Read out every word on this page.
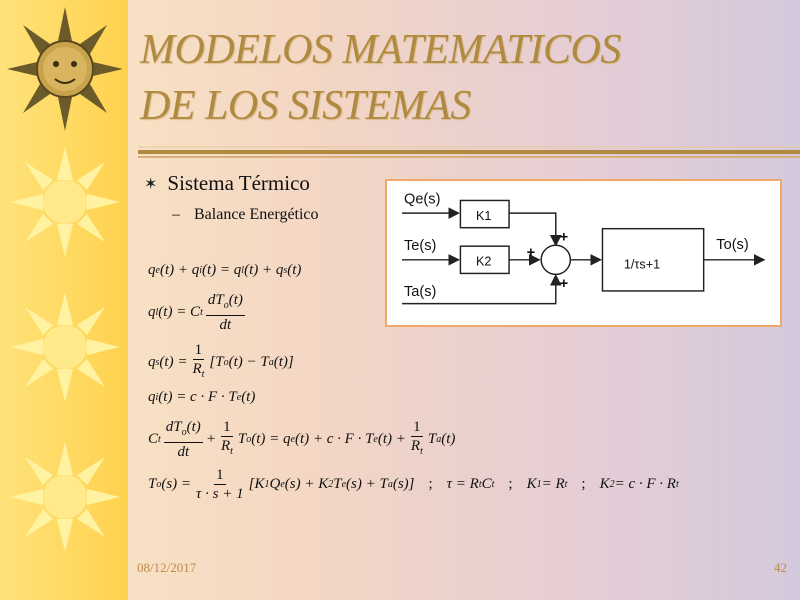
MODELOS MATEMATICOS
DE LOS SISTEMAS
✶ Sistema Térmico
– Balance Energético
Qe(s)
Te(s)
Ta(s)
K1
K2
+
+
+
1/τs+1
To(s)
q e (t) + q i (t) = q l (t) + q s (t)
q l (t) = C t $\frac{dT_o(t)}{dt}$
q s $(t) = \frac{1}{R_t} [T$ o (t) − T a (t)]
q i (t) = c · F · T e (t)
C t $\frac{dT_o(t)}{dt} + \frac{1}{R_t}$ T o (t) = q e (t) + c · F · T e $(t) + \frac{1}{R_t}$ T a (t)
T o $(s) = \frac{1}{\tau \cdot s + 1} [K$ 1 Q e (s) + K 2 T e (s) + T a (s)] ; τ = R t C t ; K 1 = R t ; K 2 = c · F · R t
08/12/2017	42
